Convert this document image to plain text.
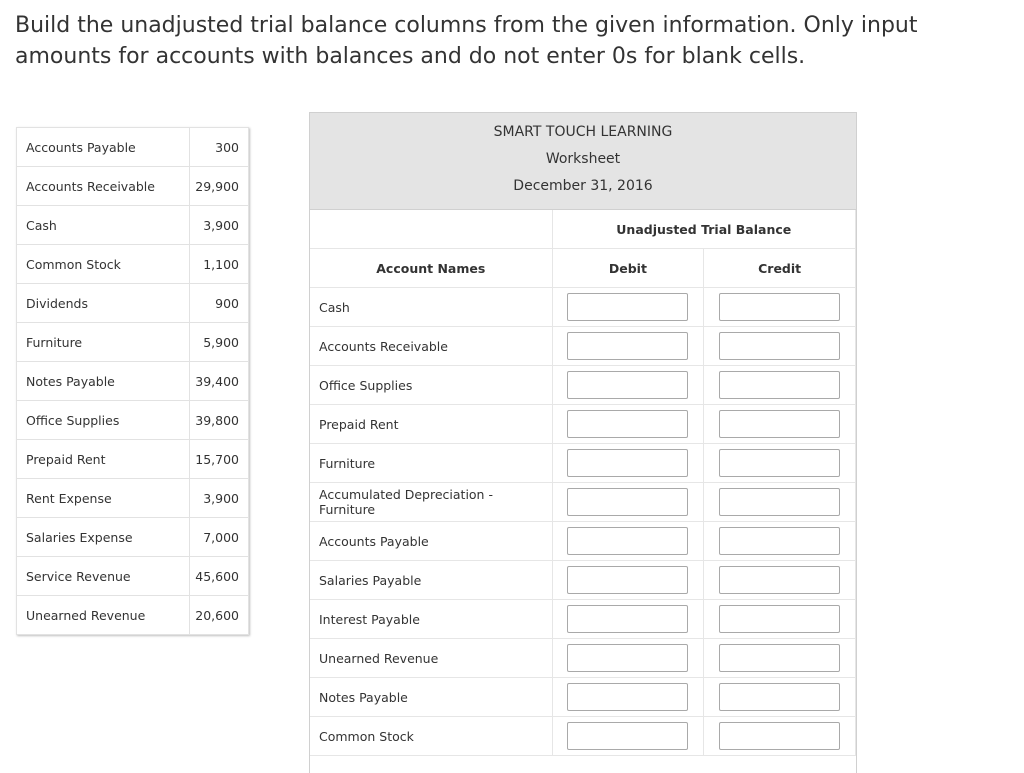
Build the unadjusted trial balance columns from the given information. Only input amounts for accounts with balances and do not enter 0s for blank cells.
Accounts Payable	300
Accounts Receivable	29,900
Cash	3,900
Common Stock	1,100
Dividends	900
Furniture	5,900
Notes Payable	39,400
Office Supplies	39,800
Prepaid Rent	15,700
Rent Expense	3,900
Salaries Expense	7,000
Service Revenue	45,600
Unearned Revenue	20,600
SMART TOUCH LEARNING
Worksheet
December 31, 2016
	Unadjusted Trial Balance	
Account Names	Debit	Credit
Cash	

Accounts Receivable	

Office Supplies	

Prepaid Rent	

Furniture	

Accumulated Depreciation - Furniture	

Accounts Payable	

Salaries Payable	

Interest Payable	

Unearned Revenue	

Notes Payable	

Common Stock	
